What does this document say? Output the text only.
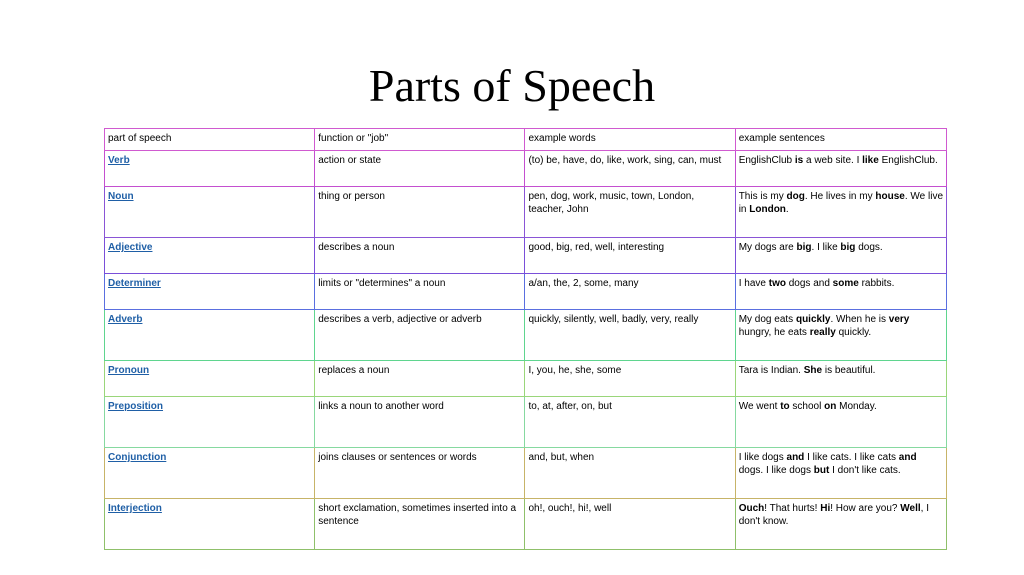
Parts of Speech
part of speech	function or "job"	example words	example sentences
Verb	action or state	(to) be, have, do, like, work, sing, can, must	EnglishClub is a web site. I like EnglishClub.
Noun	thing or person	pen, dog, work, music, town, London, teacher, John	This is my dog. He lives in my house. We live in London.
Adjective	describes a noun	good, big, red, well, interesting	My dogs are big. I like big dogs.
Determiner	limits or "determines" a noun	a/an, the, 2, some, many	I have two dogs and some rabbits.
Adverb	describes a verb, adjective or adverb	quickly, silently, well, badly, very, really	My dog eats quickly. When he is very hungry, he eats really quickly.
Pronoun	replaces a noun	I, you, he, she, some	Tara is Indian. She is beautiful.
Preposition	links a noun to another word	to, at, after, on, but	We went to school on Monday.
Conjunction	joins clauses or sentences or words	and, but, when	I like dogs and I like cats. I like cats and dogs. I like dogs but I don't like cats.
Interjection	short exclamation, sometimes inserted into a sentence	oh!, ouch!, hi!, well	Ouch! That hurts! Hi! How are you? Well, I don't know.
